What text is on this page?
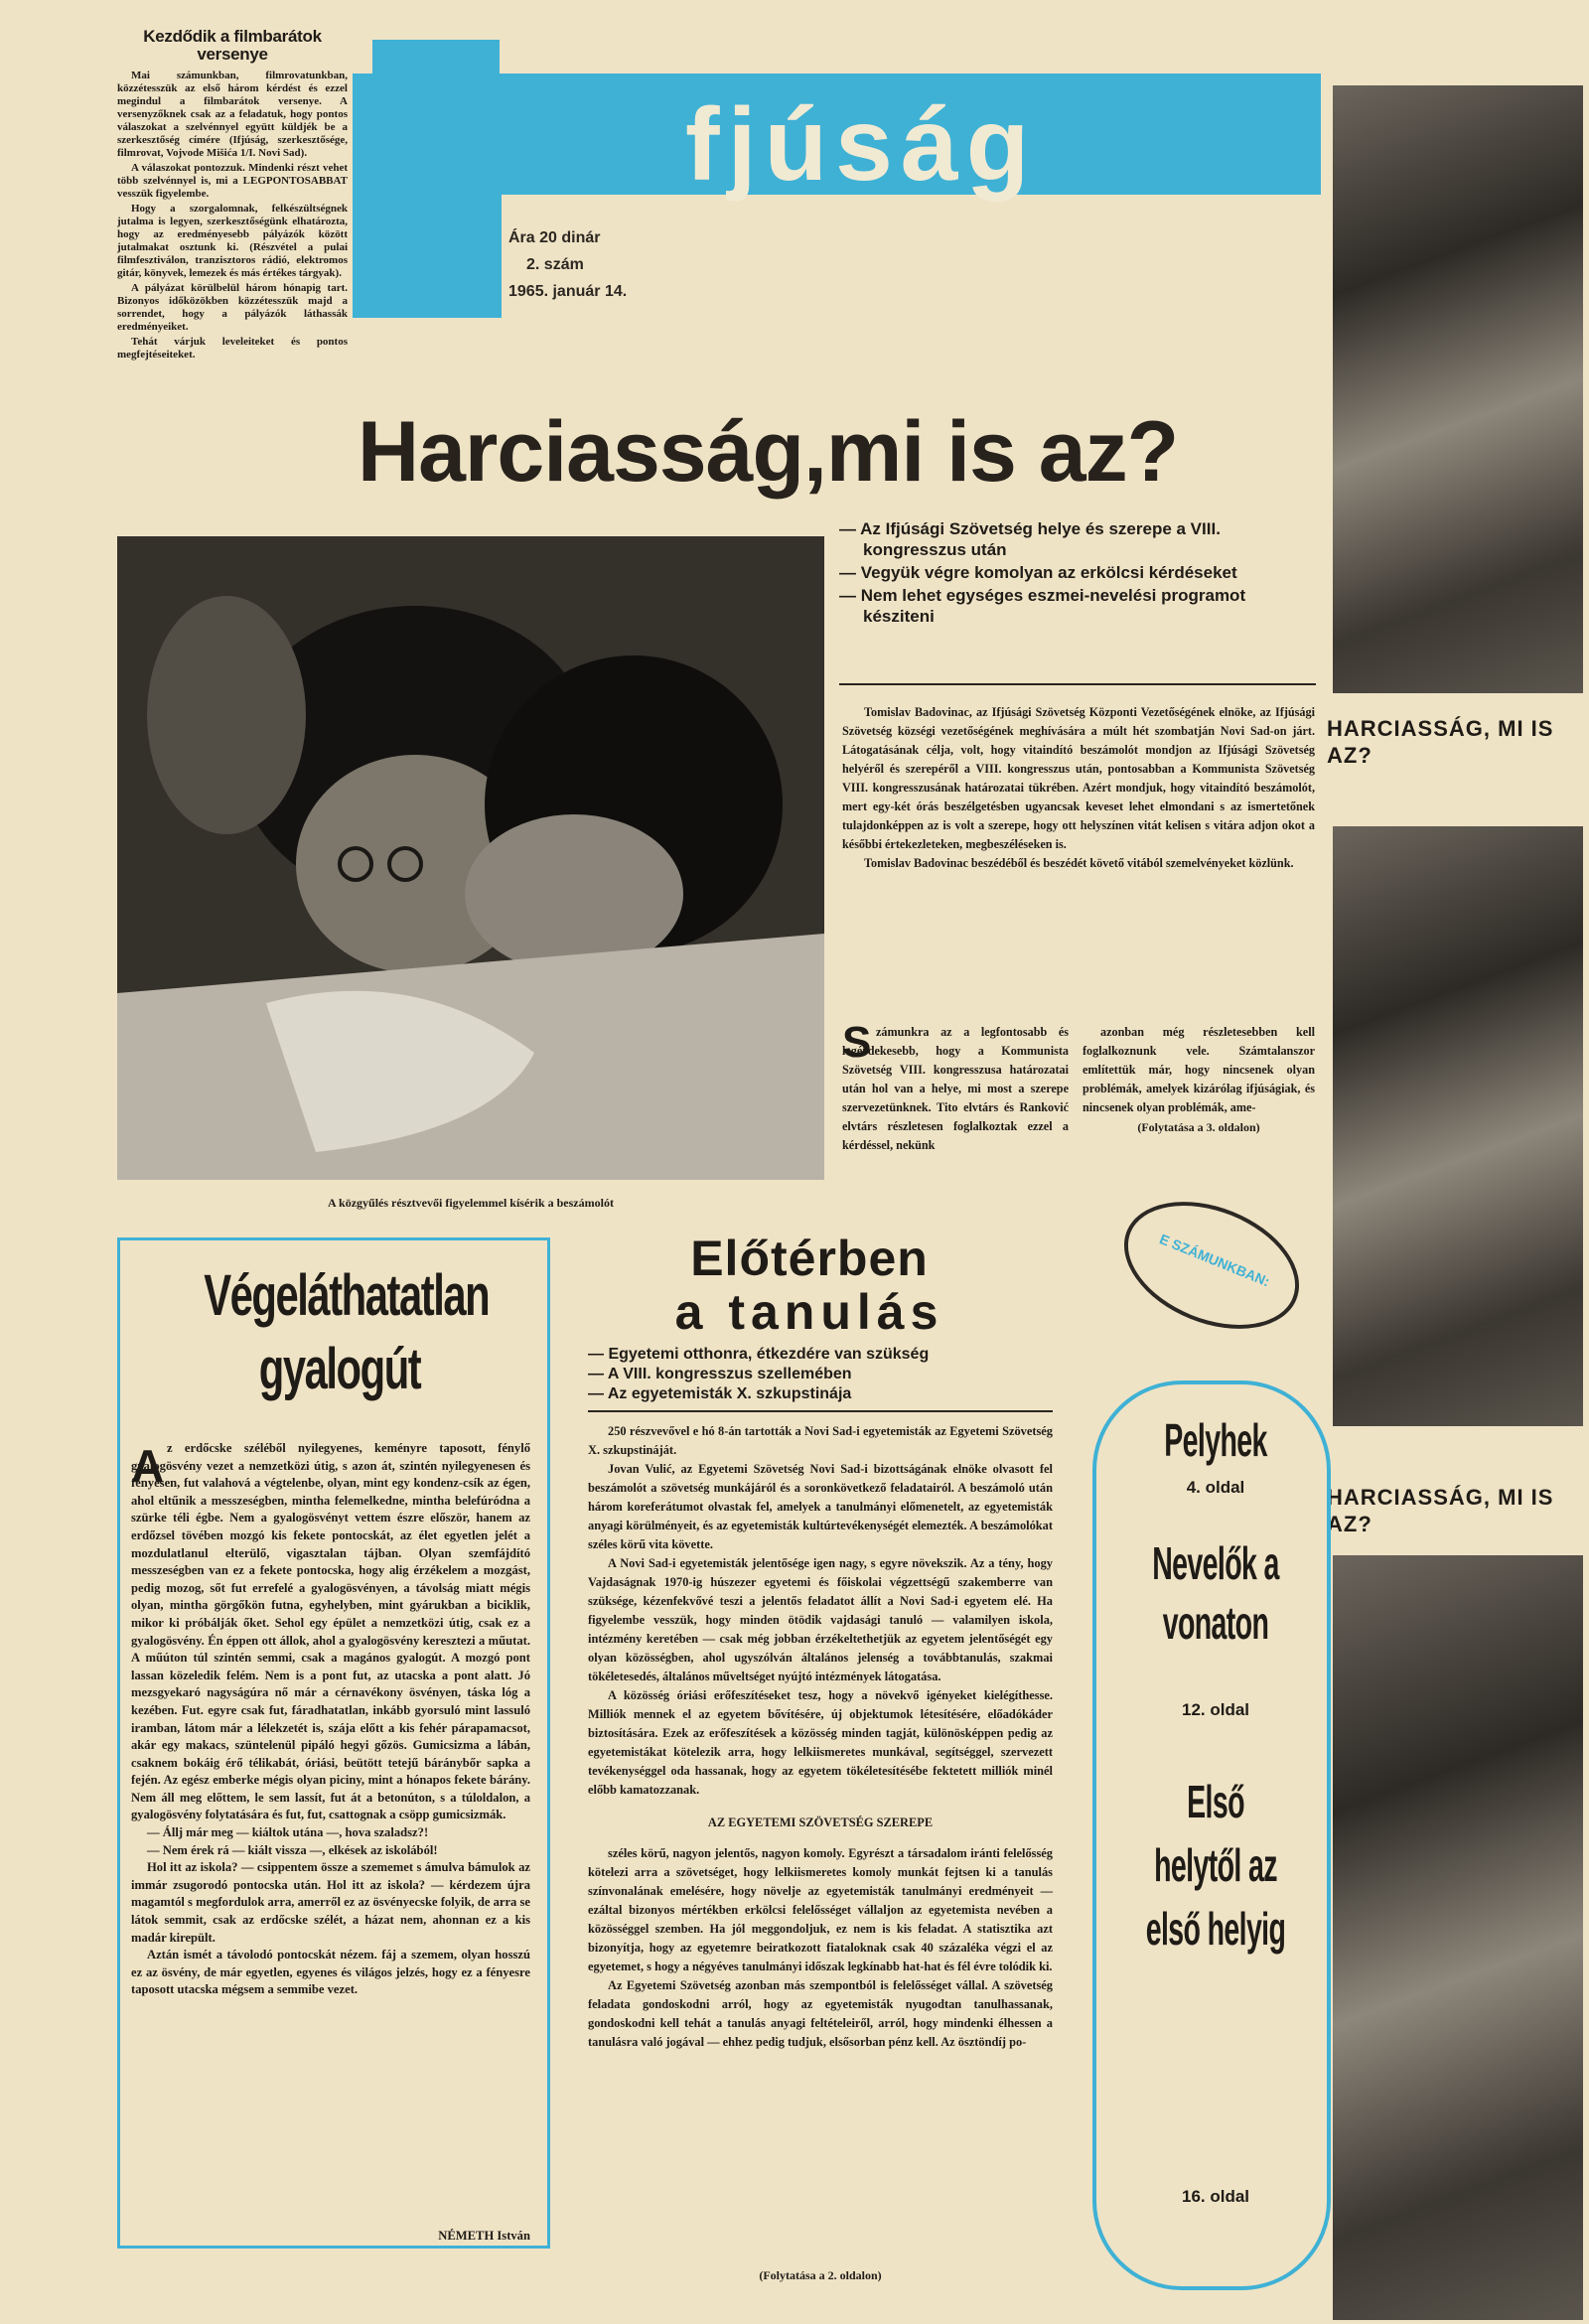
Kezdődik a filmbarátok versenye

Mai számunkban, filmrovatunkban, közzétesszük az első három kérdést és ezzel megindul a filmbarátok versenye. A versenyzőknek csak az a feladatuk, hogy pontos válaszokat a szelvénnyel együtt küldjék be a szerkesztőség címére (Ifjúság, szerkesztősége, filmrovat, Vojvode Mišića 1/I. Novi Sad).

A válaszokat pontozzuk. Mindenki részt vehet több szelvénnyel is, mi a LEGPONTOSABBAT vesszük figyelembe.

Hogy a szorgalomnak, felkészültségnek jutalma is legyen, szerkesztőségünk elhatározta, hogy az eredményesebb pályázók között jutalmakat osztunk ki. (Részvétel a pulai filmfesztiválon, tranzisztoros rádió, elektromos gitár, könyvek, lemezek és más értékes tárgyak).

A pályázat körülbelül három hónapig tart. Bizonyos időközökben közzétesszük majd a sorrendet, hogy a pályázók láthassák eredményeiket.

Tehát várjuk leveleiteket és pontos megfejtéseiteket.

fjúság
Ára 20 dinár
2. szám
1965. január 14.
Harciasság,mi is az?
— Az Ifjúsági Szövetség helye és szerepe a VIII. kongresszus után
— Vegyük végre komolyan az erkölcsi kérdéseket
— Nem lehet egységes eszmei-nevelési programot késziteni
A közgyűlés résztvevői figyelemmel kísérik a beszámolót

Tomislav Badovinac, az Ifjúsági Szövetség Központi Vezetőségének elnöke, az Ifjúsági Szövetség községi vezetőségének meghívására a múlt hét szombatján Novi Sad-on járt. Látogatásának célja, volt, hogy vitaindító beszámolót mondjon az Ifjúsági Szövetség helyéről és szerepéről a VIII. kongresszus után, pontosabban a Kommunista Szövetség VIII. kongresszusának határozatai tükrében. Azért mondjuk, hogy vitaindító beszámolót, mert egy-két órás beszélgetésben ugyancsak keveset lehet elmondani s az ismertetőnek tulajdonképpen az is volt a szerepe, hogy ott helyszínen vitát kelisen s vitára adjon okot a későbbi értekezleteken, megbeszéléseken is.

Tomislav Badovinac beszédéből és beszédét követő vitából szemelvényeket közlünk.

S zámunkra az a legfontosabb és legérdekesebb, hogy a Kommunista Szövetség VIII. kongresszusa határozatai után hol van a helye, mi most a szerepe szervezetünknek. Tito elvtárs és Ranković elvtárs részletesen foglalkoztak ezzel a kérdéssel, nekünk

azonban még részletesebben kell foglalkoznunk vele. Számtalanszor említettük már, hogy nincsenek olyan problémák, amelyek kizárólag ifjúságiak, és nincsenek olyan problémák, ame-

(Folytatása a 3. oldalon)
HARCIASSÁG, MI IS AZ?
HARCIASSÁG, MI IS AZ?
E SZÁMUNKBAN:
Végeláthatatlan
gyalogút
A z erdőcske széléből nyilegyenes, keményre taposott, fénylő gyalogösvény vezet a nemzetközi útig, s azon át, szintén nyilegyenesen és fényesen, fut valahová a végtelenbe, olyan, mint egy kondenz-csík az égen, ahol eltűnik a messzeségben, mintha felemelkedne, mintha belefúródna a szürke téli égbe. Nem a gyalogösvényt vettem észre először, hanem az erdőzsel tövében mozgó kis fekete pontocskát, az élet egyetlen jelét a mozdulatlanul elterülő, vigasztalan tájban. Olyan szemfájdító messzeségben van ez a fekete pontocska, hogy alig érzékelem a mozgást, pedig mozog, sőt fut errefelé a gyalogösvényen, a távolság miatt mégis olyan, mintha görgőkön futna, egyhelyben, mint gyárukban a biciklik, mikor ki próbálják őket. Sehol egy épület a nemzetközi útig, csak ez a gyalogösvény. Én éppen ott állok, ahol a gyalogösvény keresztezi a műutat. A műúton túl szintén semmi, csak a magános gyalogút. A mozgó pont lassan közeledik felém. Nem is a pont fut, az utacska a pont alatt. Jó mezsgyekaró nagyságúra nő már a cérnavékony ösvényen, táska lóg a kezében. Fut. egyre csak fut, fáradhatatlan, inkább gyorsuló mint lassuló iramban, látom már a lélekzetét is, szája előtt a kis fehér párapamacsot, akár egy makacs, szüntelenül pipáló hegyi gőzös. Gumicsizma a lábán, csaknem bokáig érő télikabát, óriási, beütött tetejű báránybőr sapka a fején. Az egész emberke mégis olyan piciny, mint a hónapos fekete bárány. Nem áll meg előttem, le sem lassít, fut át a betonúton, s a túloldalon, a gyalogösvény folytatására és fut, fut, csattognak a csöpp gumicsizmák.

— Állj már meg — kiáltok utána —, hova szaladsz?!

— Nem érek rá — kiált vissza —, elkések az iskolából!

Hol itt az iskola? — csippentem össze a szememet s ámulva bámulok az immár zsugorodó pontocska után. Hol itt az iskola? — kérdezem újra magamtól s megfordulok arra, amerről ez az ösvényecske folyik, de arra se látok semmit, csak az erdőcske szélét, a házat nem, ahonnan ez a kis madár kirepült.

Aztán ismét a távolodó pontocskát nézem. fáj a szemem, olyan hosszú ez az ösvény, de már egyetlen, egyenes és világos jelzés, hogy ez a fényesre taposott utacska mégsem a semmibe vezet.

NÉMETH István
Előtérben
a tanulás
— Egyetemi otthonra, étkezdére van szükség
— A VIII. kongresszus szellemében
— Az egyetemisták X. szkupstinája

250 részvevővel e hó 8-án tartották a Novi Sad-i egyetemisták az Egyetemi Szövetség X. szkupstináját.

Jovan Vulić, az Egyetemi Szövetség Novi Sad-i bizottságának elnöke olvasott fel beszámolót a szövetség munkájáról és a soronkövetkező feladatairól. A beszámoló után három koreferátumot olvastak fel, amelyek a tanulmányi előmenetelt, az egyetemisták anyagi körülményeit, és az egyetemisták kultúrtevékenységét elemezték. A beszámolókat széles körű vita követte.

A Novi Sad-i egyetemisták jelentősége igen nagy, s egyre növekszik. Az a tény, hogy Vajdaságnak 1970-ig húszezer egyetemi és főiskolai végzettségű szakemberre van szüksége, kézenfekvővé teszi a jelentős feladatot állít a Novi Sad-i egyetem elé. Ha figyelembe vesszük, hogy minden ötödik vajdasági tanuló — valamilyen iskola, intézmény keretében — csak még jobban érzékeltethetjük az egyetem jelentőségét egy olyan közösségben, ahol ugyszólván általános jelenség a továbbtanulás, szakmai tökéletesedés, általános műveltséget nyújtó intézmények látogatása.

A közösség óriási erőfeszítéseket tesz, hogy a növekvő igényeket kielégíthesse. Milliók mennek el az egyetem bővítésére, új objektumok létesítésére, előadókáder biztosítására. Ezek az erőfeszítések a közösség minden tagját, különösképpen pedig az egyetemistákat kötelezik arra, hogy lelkiismeretes munkával, segítséggel, szervezett tevékenységgel oda hassanak, hogy az egyetem tökéletesítésébe fektetett milliók minél előbb kamatozzanak.

AZ EGYETEMI SZÖVETSÉG SZEREPE

széles körű, nagyon jelentős, nagyon komoly. Egyrészt a társadalom iránti felelősség kötelezi arra a szövetséget, hogy lelkiismeretes komoly munkát fejtsen ki a tanulás színvonalának emelésére, hogy növelje az egyetemisták tanulmányi eredményeit — ezáltal bizonyos mértékben erkölcsi felelősséget vállaljon az egyetemista nevében a közösséggel szemben. Ha jól meggondoljuk, ez nem is kis feladat. A statisztika azt bizonyítja, hogy az egyetemre beiratkozott fiataloknak csak 40 százaléka végzi el az egyetemet, s hogy a négyéves tanulmányi időszak legkínabb hat-hat és fél évre tolódik ki.

Az Egyetemi Szövetség azonban más szempontból is felelősséget vállal. A szövetség feladata gondoskodni arról, hogy az egyetemisták nyugodtan tanulhassanak, gondoskodni kell tehát a tanulás anyagi feltételeiről, arról, hogy mindenki élhessen a tanulásra való jogával — ehhez pedig tudjuk, elsősorban pénz kell. Az ösztöndíj po-

(Folytatása a 2. oldalon)
Pelyhek
4. oldal
Nevelők a vonaton
12. oldal
Első helytől az első helyig
16. oldal
